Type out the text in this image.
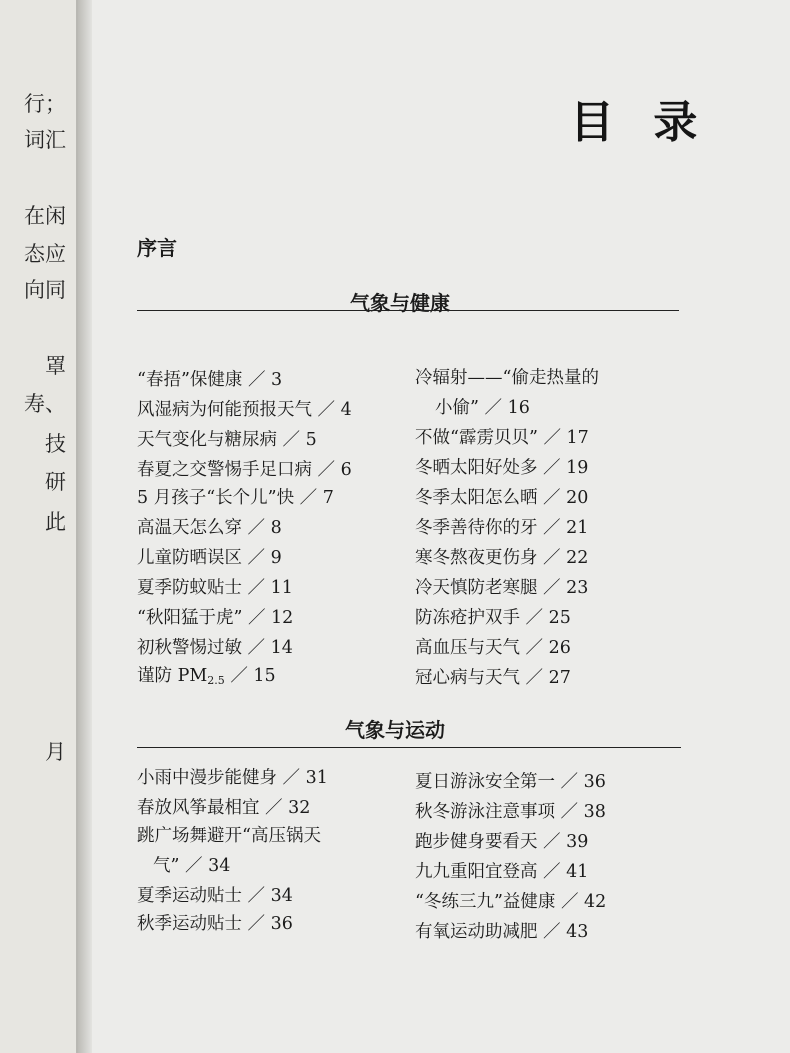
行；
词汇
在闲
态应
向同
罩
寿、
技
研
此
月
目 录
序言
气象与健康
“春捂”保健康 ／ 3
风湿病为何能预报天气 ／ 4
天气变化与糖尿病 ／ 5
春夏之交警惕手足口病 ／ 6
5 月孩子“长个儿”快 ／ 7
高温天怎么穿 ／ 8
儿童防晒误区 ／ 9
夏季防蚊贴士 ／ 11
“秋阳猛于虎” ／ 12
初秋警惕过敏 ／ 14
谨防 $PM_{2.5}$ ／ 15
冷辐射——“偷走热量的
小偷” ／ 16
不做“霹雳贝贝” ／ 17
冬晒太阳好处多 ／ 19
冬季太阳怎么晒 ／ 20
冬季善待你的牙 ／ 21
寒冬熬夜更伤身 ／ 22
冷天慎防老寒腿 ／ 23
防冻疮护双手 ／ 25
高血压与天气 ／ 26
冠心病与天气 ／ 27
气象与运动
小雨中漫步能健身 ／ 31
春放风筝最相宜 ／ 32
跳广场舞避开“高压锅天
气” ／ 34
夏季运动贴士 ／ 34
秋季运动贴士 ／ 36
夏日游泳安全第一 ／ 36
秋冬游泳注意事项 ／ 38
跑步健身要看天 ／ 39
九九重阳宜登高 ／ 41
“冬练三九”益健康 ／ 42
有氧运动助减肥 ／ 43
